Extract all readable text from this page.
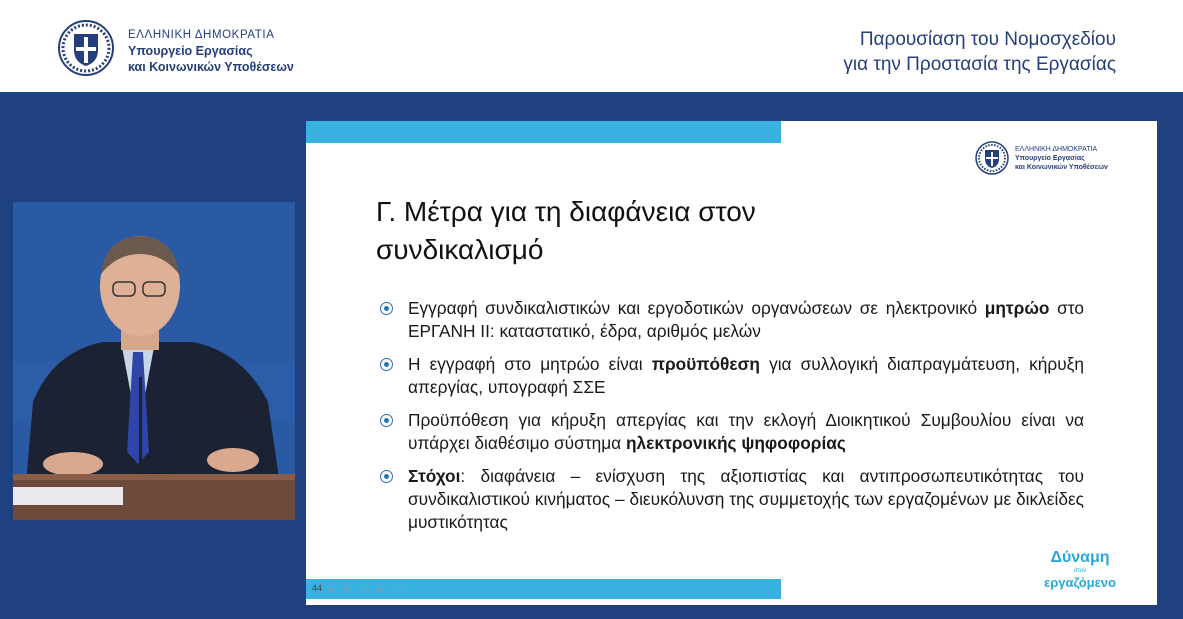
ΕΛΛΗΝΙΚΗ ΔΗΜΟΚΡΑΤΙΑ
Υπουργείο Εργασίας
και Κοινωνικών Υποθέσεων
Παρουσίαση του Νομοσχεδίου
για την Προστασία της Εργασίας
ΕΛΛΗΝΙΚΗ ΔΗΜΟΚΡΑΤΙΑ
Υπουργείο Εργασίας
και Κοινωνικών Υποθέσεων
Γ. Μέτρα για τη διαφάνεια στον
συνδικαλισμό
Εγγραφή συνδικαλιστικών και εργοδοτικών οργανώσεων σε ηλεκτρονικό μητρώο στο ΕΡΓΑΝΗ ΙΙ: καταστατικό, έδρα, αριθμός μελών
Η εγγραφή στο μητρώο είναι προϋπόθεση για συλλογική διαπραγμάτευση, κήρυξη απεργίας, υπογραφή ΣΣΕ
Προϋπόθεση για κήρυξη απεργίας και την εκλογή Διοικητικού Συμβουλίου είναι να υπάρχει διαθέσιμο σύστημα ηλεκτρονικής ψηφοφορίας
Στόχοι: διαφάνεια – ενίσχυση της αξιοπιστίας και αντιπροσωπευτικότητας του συνδικαλιστικού κινήματος – διευκόλυνση της συμμετοχής των εργαζομένων με δικλείδες μυστικότητας
44 ◂ ✎ ⌕ ▸ ⋯
Δύναμη
στον
εργαζόμενο
